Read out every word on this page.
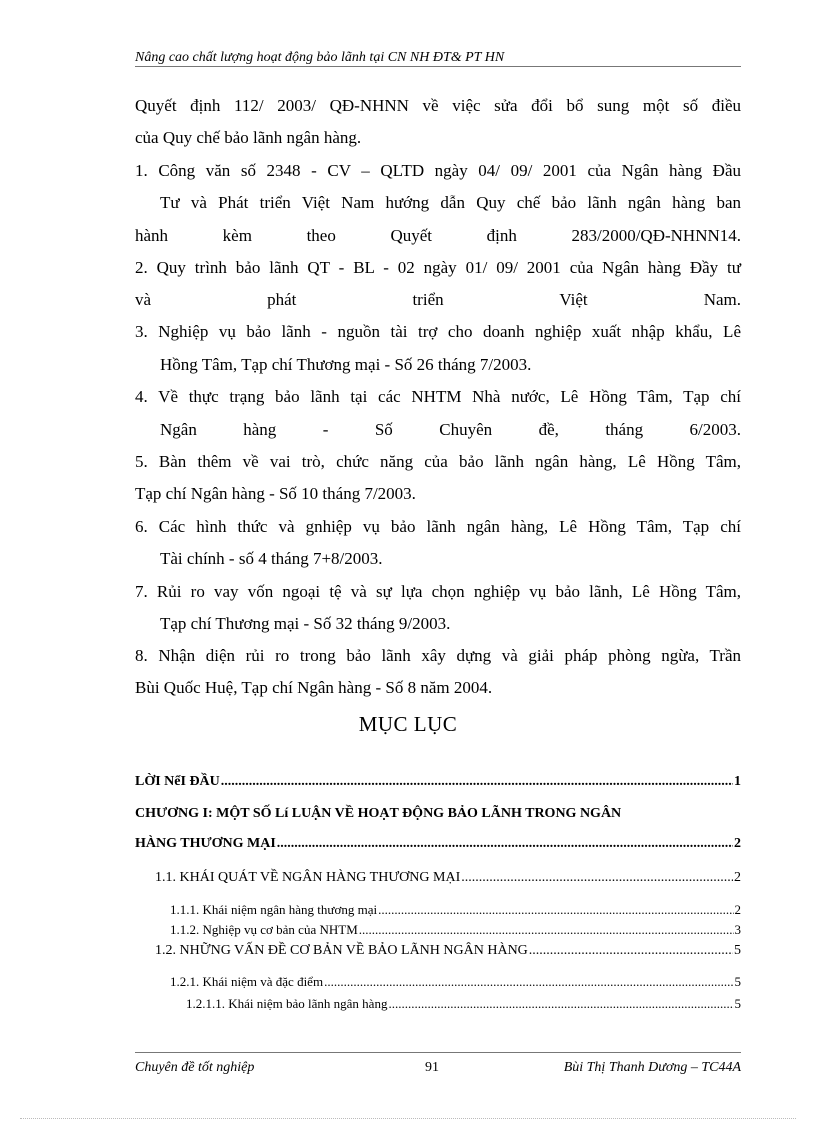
Nâng cao chất lượng hoạt động bảo lãnh tại CN NH ĐT& PT HN
Quyết định 112/ 2003/ QĐ-NHNN về việc sửa đổi bổ sung một số điều
của Quy chế bảo lãnh ngân hàng.
1. Công văn số 2348 - CV – QLTD ngày 04/ 09/ 2001 của Ngân hàng Đầu
Tư và Phát triển Việt Nam hướng dẫn Quy chế bảo lãnh ngân hàng ban
hành kèm theo Quyết định 283/2000/QĐ-NHNN14.
2. Quy trình bảo lãnh QT - BL - 02 ngày 01/ 09/ 2001 của Ngân hàng Đầy tư
và phát triển Việt Nam.
3. Nghiệp vụ bảo lãnh - nguồn tài trợ cho doanh nghiệp xuất nhập khẩu, Lê
Hồng Tâm, Tạp chí Thương mại - Số 26 tháng 7/2003.
4. Về thực trạng bảo lãnh tại các NHTM Nhà nước, Lê Hồng Tâm, Tạp chí
Ngân hàng - Số Chuyên đề, tháng 6/2003.
5. Bàn thêm về vai trò, chức năng của bảo lãnh ngân hàng, Lê Hồng Tâm,
Tạp chí Ngân hàng - Số 10 tháng 7/2003.
6. Các hình thức và gnhiệp vụ bảo lãnh ngân hàng, Lê Hồng Tâm, Tạp chí
Tài chính - số 4 tháng 7+8/2003.
7. Rủi ro vay vốn ngoại tệ và sự lựa chọn nghiệp vụ bảo lãnh, Lê Hồng Tâm,
Tạp chí Thương mại - Số 32 tháng 9/2003.
8. Nhận diện rủi ro trong bảo lãnh xây dựng và giải pháp phòng ngừa, Trần
Bùi Quốc Huệ, Tạp chí Ngân hàng - Số 8 năm 2004.
MỤC LỤC
LỜI NểI ĐẦU .....	1
CHƯƠNG I: MỘT SỐ Lí LUẬN VỀ HOẠT ĐỘNG BẢO LÃNH TRONG NGÂN
HÀNG THƯƠNG MẠI .....	2
1.1. KHÁI QUÁT VỀ NGÂN HÀNG THƯƠNG MẠI .....	2
1.1.1. Khái niệm ngân hàng thương mại .....	2
1.1.2. Nghiệp vụ cơ bản của NHTM .....	3
1.2. NHỮNG VẤN ĐỀ CƠ BẢN VỀ BẢO LÃNH NGÂN HÀNG .....	5
1.2.1. Khái niệm và đặc điểm .....	5
1.2.1.1. Khái niệm bảo lãnh ngân hàng .....	5
Chuyên đề tốt nghiệp	91	Bùi Thị Thanh Dương – TC44A
